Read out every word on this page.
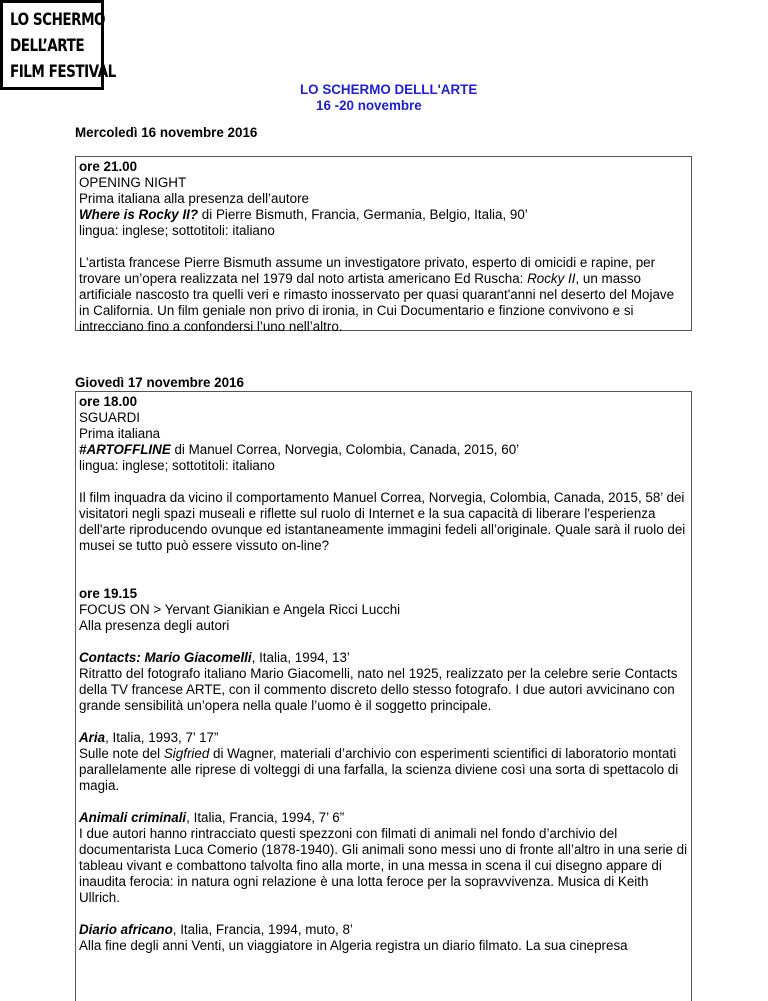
LO SCHERMO
DELL’ARTE
FILM FESTIVAL
LO SCHERMO DELLL'ARTE
16 -20 novembre
Mercoledì 16 novembre 2016

ore 21.00

OPENING NIGHT

Prima italiana alla presenza dell’autore

Where is Rocky II? di Pierre Bismuth, Francia, Germania, Belgio, Italia, 90’

lingua: inglese; sottotitoli: italiano

L’artista francese Pierre Bismuth assume un investigatore privato, esperto di omicidi e rapine, per trovare un’opera realizzata nel 1979 dal noto artista americano Ed Ruscha: Rocky II, un masso artificiale nascosto tra quelli veri e rimasto inosservato per quasi quarant'anni nel deserto del Mojave in California. Un film geniale non privo di ironia, in Cui Documentario e finzione convivono e si intrecciano fino a confondersi l’uno nell’altro.

Giovedì 17 novembre 2016

ore 18.00

SGUARDI

Prima italiana

#ARTOFFLINE di Manuel Correa, Norvegia, Colombia, Canada, 2015, 60’

lingua: inglese; sottotitoli: italiano

Il film inquadra da vicino il comportamento Manuel Correa, Norvegia, Colombia, Canada, 2015, 58’ dei visitatori negli spazi museali e riflette sul ruolo di Internet e la sua capacità di liberare l'esperienza dell'arte riproducendo ovunque ed istantaneamente immagini fedeli all’originale. Quale sarà il ruolo dei musei se tutto può essere vissuto on-line?

ore 19.15

FOCUS ON > Yervant Gianikian e Angela Ricci Lucchi

Alla presenza degli autori

Contacts: Mario Giacomelli, Italia, 1994, 13’

Ritratto del fotografo italiano Mario Giacomelli, nato nel 1925, realizzato per la celebre serie Contacts della TV francese ARTE, con il commento discreto dello stesso fotografo. I due autori avvicinano con grande sensibilità un’opera nella quale l’uomo è il soggetto principale.

Aria, Italia, 1993, 7’ 17”

Sulle note del Sigfried di Wagner, materiali d’archivio con esperimenti scientifici di laboratorio montati parallelamente alle riprese di volteggi di una farfalla, la scienza diviene così una sorta di spettacolo di magia.

Animali criminali, Italia, Francia, 1994, 7’ 6”

I due autori hanno rintracciato questi spezzoni con filmati di animali nel fondo d’archivio del documentarista Luca Comerio (1878-1940). Gli animali sono messi uno di fronte all’altro in una serie di tableau vivant e combattono talvolta fino alla morte, in una messa in scena il cui disegno appare di inaudita ferocia: in natura ogni relazione è una lotta feroce per la sopravvivenza. Musica di Keith Ullrich.

Diario africano, Italia, Francia, 1994, muto, 8’

Alla fine degli anni Venti, un viaggiatore in Algeria registra un diario filmato. La sua cinepresa
